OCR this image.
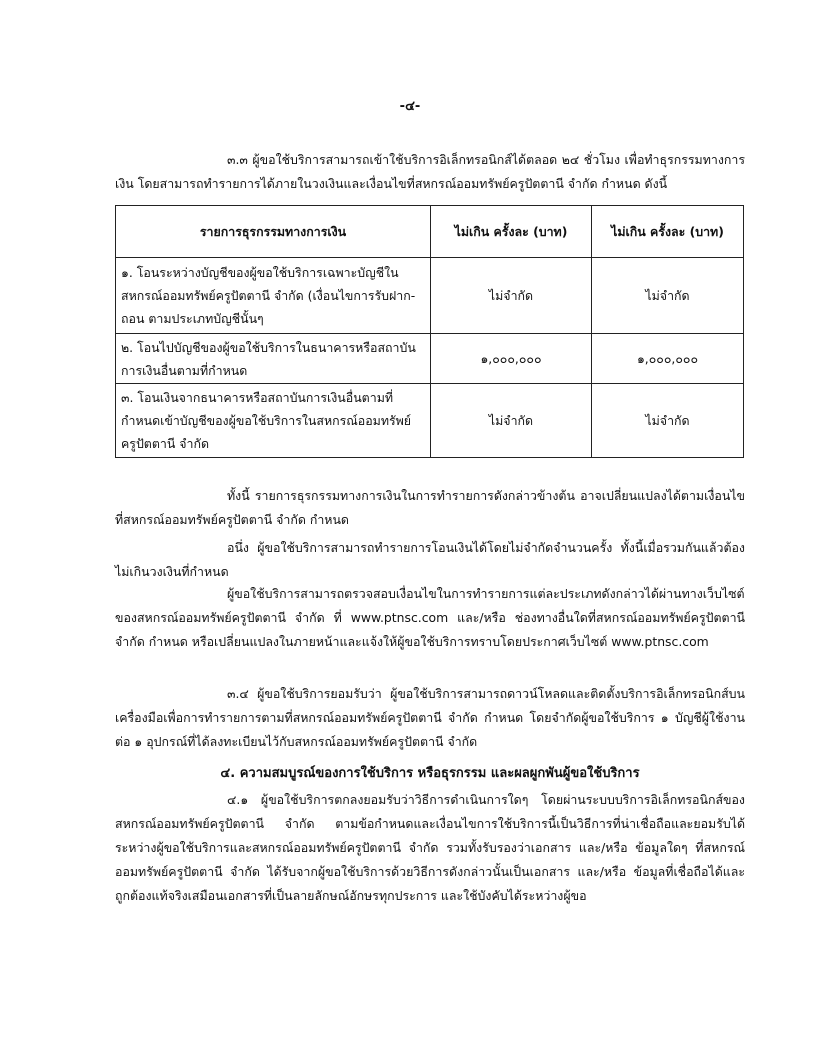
-๔-

๓.๓ ผู้ขอใช้บริการสามารถเข้าใช้บริการอิเล็กทรอนิกส์ได้ตลอด ๒๔ ชั่วโมง เพื่อทำธุรกรรมทางการเงิน โดยสามารถทำรายการได้ภายในวงเงินและเงื่อนไขที่สหกรณ์ออมทรัพย์ครูปัตตานี จำกัด กำหนด ดังนี้

รายการธุรกรรมทางการเงิน	ไม่เกิน ครั้งละ (บาท)	ไม่เกิน ครั้งละ (บาท)
๑. โอนระหว่างบัญชีของผู้ขอใช้บริการเฉพาะบัญชีในสหกรณ์ออมทรัพย์ครูปัตตานี จำกัด (เงื่อนไขการรับฝาก-ถอน ตามประเภทบัญชีนั้นๆ	ไม่จำกัด	ไม่จำกัด
๒. โอนไปบัญชีของผู้ขอใช้บริการในธนาคารหรือสถาบันการเงินอื่นตามที่กำหนด	๑,๐๐๐,๐๐๐	๑,๐๐๐,๐๐๐
๓. โอนเงินจากธนาคารหรือสถาบันการเงินอื่นตามที่กำหนดเข้าบัญชีของผู้ขอใช้บริการในสหกรณ์ออมทรัพย์ครูปัตตานี จำกัด	ไม่จำกัด	ไม่จำกัด

ทั้งนี้ รายการธุรกรรมทางการเงินในการทำรายการดังกล่าวข้างต้น อาจเปลี่ยนแปลงได้ตามเงื่อนไขที่สหกรณ์ออมทรัพย์ครูปัตตานี จำกัด กำหนด

อนึ่ง ผู้ขอใช้บริการสามารถทำรายการโอนเงินได้โดยไม่จำกัดจำนวนครั้ง ทั้งนี้เมื่อรวมกันแล้วต้องไม่เกินวงเงินที่กำหนด

ผู้ขอใช้บริการสามารถตรวจสอบเงื่อนไขในการทำรายการแต่ละประเภทดังกล่าวได้ผ่านทางเว็บไซต์ของสหกรณ์ออมทรัพย์ครูปัตตานี จำกัด ที่ www.ptnsc.com และ/หรือ ช่องทางอื่นใดที่สหกรณ์ออมทรัพย์ครูปัตตานี จำกัด กำหนด หรือเปลี่ยนแปลงในภายหน้าและแจ้งให้ผู้ขอใช้บริการทราบโดยประกาศเว็บไซต์ www.ptnsc.com

๓.๔ ผู้ขอใช้บริการยอมรับว่า ผู้ขอใช้บริการสามารถดาวน์โหลดและติดตั้งบริการอิเล็กทรอนิกส์บนเครื่องมือเพื่อการทำรายการตามที่สหกรณ์ออมทรัพย์ครูปัตตานี จำกัด กำหนด โดยจำกัดผู้ขอใช้บริการ ๑ บัญชีผู้ใช้งาน ต่อ ๑ อุปกรณ์ที่ได้ลงทะเบียนไว้กับสหกรณ์ออมทรัพย์ครูปัตตานี จำกัด

๔. ความสมบูรณ์ของการใช้บริการ หรือธุรกรรม และผลผูกพันผู้ขอใช้บริการ

๔.๑ ผู้ขอใช้บริการตกลงยอมรับว่าวิธีการดำเนินการใดๆ โดยผ่านระบบบริการอิเล็กทรอนิกส์ของสหกรณ์ออมทรัพย์ครูปัตตานี จำกัด ตามข้อกำหนดและเงื่อนไขการใช้บริการนี้เป็นวิธีการที่น่าเชื่อถือและยอมรับได้ระหว่างผู้ขอใช้บริการและสหกรณ์ออมทรัพย์ครูปัตตานี จำกัด รวมทั้งรับรองว่าเอกสาร และ/หรือ ข้อมูลใดๆ ที่สหกรณ์ออมทรัพย์ครูปัตตานี จำกัด ได้รับจากผู้ขอใช้บริการด้วยวิธีการดังกล่าวนั้นเป็นเอกสาร และ/หรือ ข้อมูลที่เชื่อถือได้และถูกต้องแท้จริงเสมือนเอกสารที่เป็นลายลักษณ์อักษรทุกประการ และใช้บังคับได้ระหว่างผู้ขอ
